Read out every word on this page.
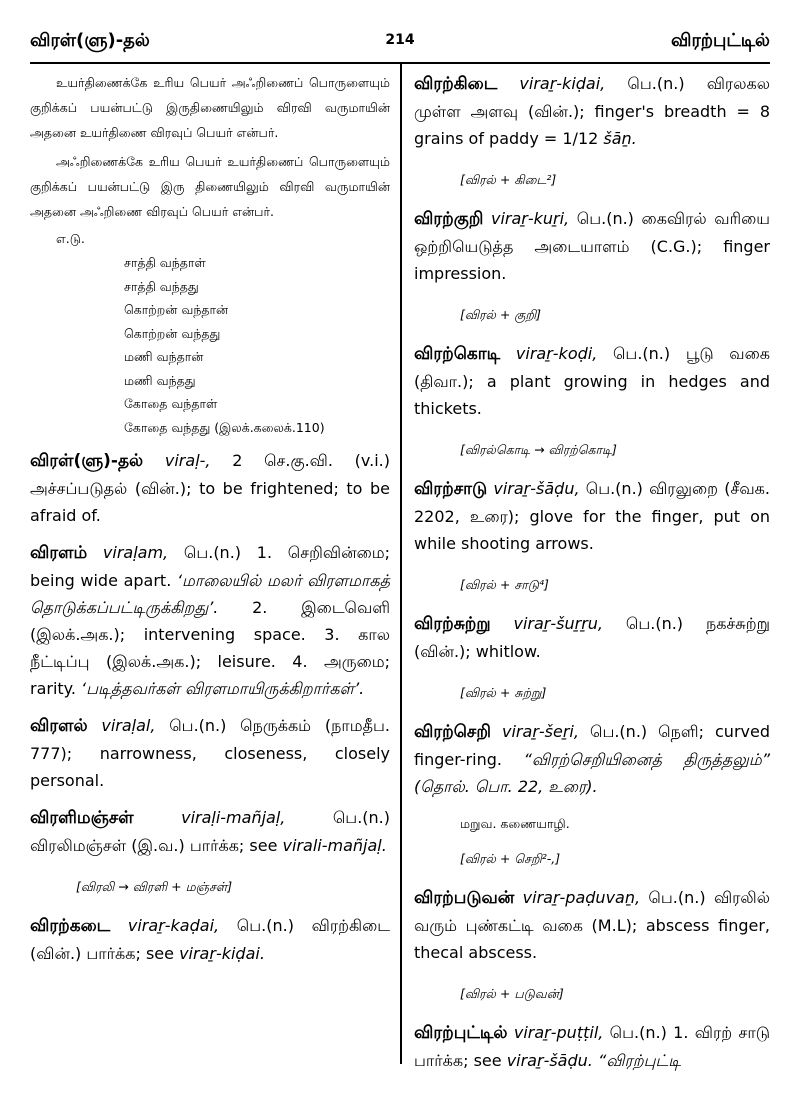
விரள்(ளு)-தல்	214	விரற்புட்டில்

உயர்திணைக்கே உரிய பெயர் அஃறிணைப் பொருளையும் குறிக்கப் பயன்பட்டு இருதிணையிலும் விரவி வருமாயின் அதனை உயர்திணை விரவுப் பெயர் என்பர்.

அஃறிணைக்கே உரிய பெயர் உயர்திணைப் பொருளையும் குறிக்கப் பயன்பட்டு இரு திணையிலும் விரவி வருமாயின் அதனை அஃறிணை விரவுப் பெயர் என்பர்.

எ.டு.
சாத்தி வந்தாள்
சாத்தி வந்தது
கொற்றன் வந்தான்
கொற்றன் வந்தது
மணி வந்தான்
மணி வந்தது
கோதை வந்தாள்
கோதை வந்தது (இலக்.கலைக்.110)
விரள்(ளு)-தல் viraḷ-, 2 செ.கு.வி. (v.i.) அச்சப்படுதல் (வின்.); to be frightened; to be afraid of.
விரளம் viraḷam, பெ.(n.) 1. செறிவின்மை; being wide apart. ‘மாலையில் மலர் விரளமாகத் தொடுக்கப்பட்டிருக்கிறது’. 2. இடைவெளி (இலக்.அக.); intervening space. 3. கால நீட்டிப்பு (இலக்.அக.); leisure. 4. அருமை; rarity. ‘படித்தவர்கள் விரளமாயிருக்கிறார்கள்’.
விரளல் viraḷal, பெ.(n.) நெருக்கம் (நாமதீப. 777); narrowness, closeness, closely personal.
விரளிமஞ்சள்	viraḷi-mañjaḷ, பெ.(n.) விரலிமஞ்சள் (இ.வ.) பார்க்க; see virali-mañjaḷ.
[விரலி → விரளி + மஞ்சள்]
விரற்கடை viraṟ-kaḍai, பெ.(n.) விரற்கிடை (வின்.) பார்க்க; see viraṟ-kiḍai.
விரற்கிடை viraṟ-kiḍai, பெ.(n.) விரலகல முள்ள அளவு (வின்.); finger's breadth = 8 grains of paddy = 1/12 šāṉ.
[விரல் + கிடை²]
விரற்குறி viraṟ-kuṟi, பெ.(n.) கைவிரல் வரியை ஒற்றியெடுத்த அடையாளம் (C.G.); finger impression.
[விரல் + குறி]
விரற்கொடி viraṟ-koḍi, பெ.(n.) பூடு வகை (திவா.); a plant growing in hedges and thickets.
[விரல்கொடி → விரற்கொடி]
விரற்சாடு viraṟ-šāḍu, பெ.(n.) விரலுறை (சீவக. 2202, உரை); glove for the finger, put on while shooting arrows.
[விரல் + சாடு⁴]
விரற்சுற்று viraṟ-šuṟṟu, பெ.(n.) நகச்சுற்று (வின்.); whitlow.
[விரல் + சுற்று]
விரற்செறி viraṟ-šeṟi, பெ.(n.) நெளி; curved finger-ring. “விரற்செறியினைத் திருத்தலும்” (தொல். பொ. 22, உரை).
மறுவ. கணையாழி.
[விரல் + செறி²-,]
விரற்படுவன் viraṟ-paḍuvaṉ, பெ.(n.) விரலில் வரும் புண்கட்டி வகை (M.L); abscess finger, thecal abscess.
[விரல் + படுவன்]
விரற்புட்டில் viraṟ-puṭṭil, பெ.(n.) 1. விரற் சாடு பார்க்க; see viraṟ-šāḍu. “விரற்புட்டி
